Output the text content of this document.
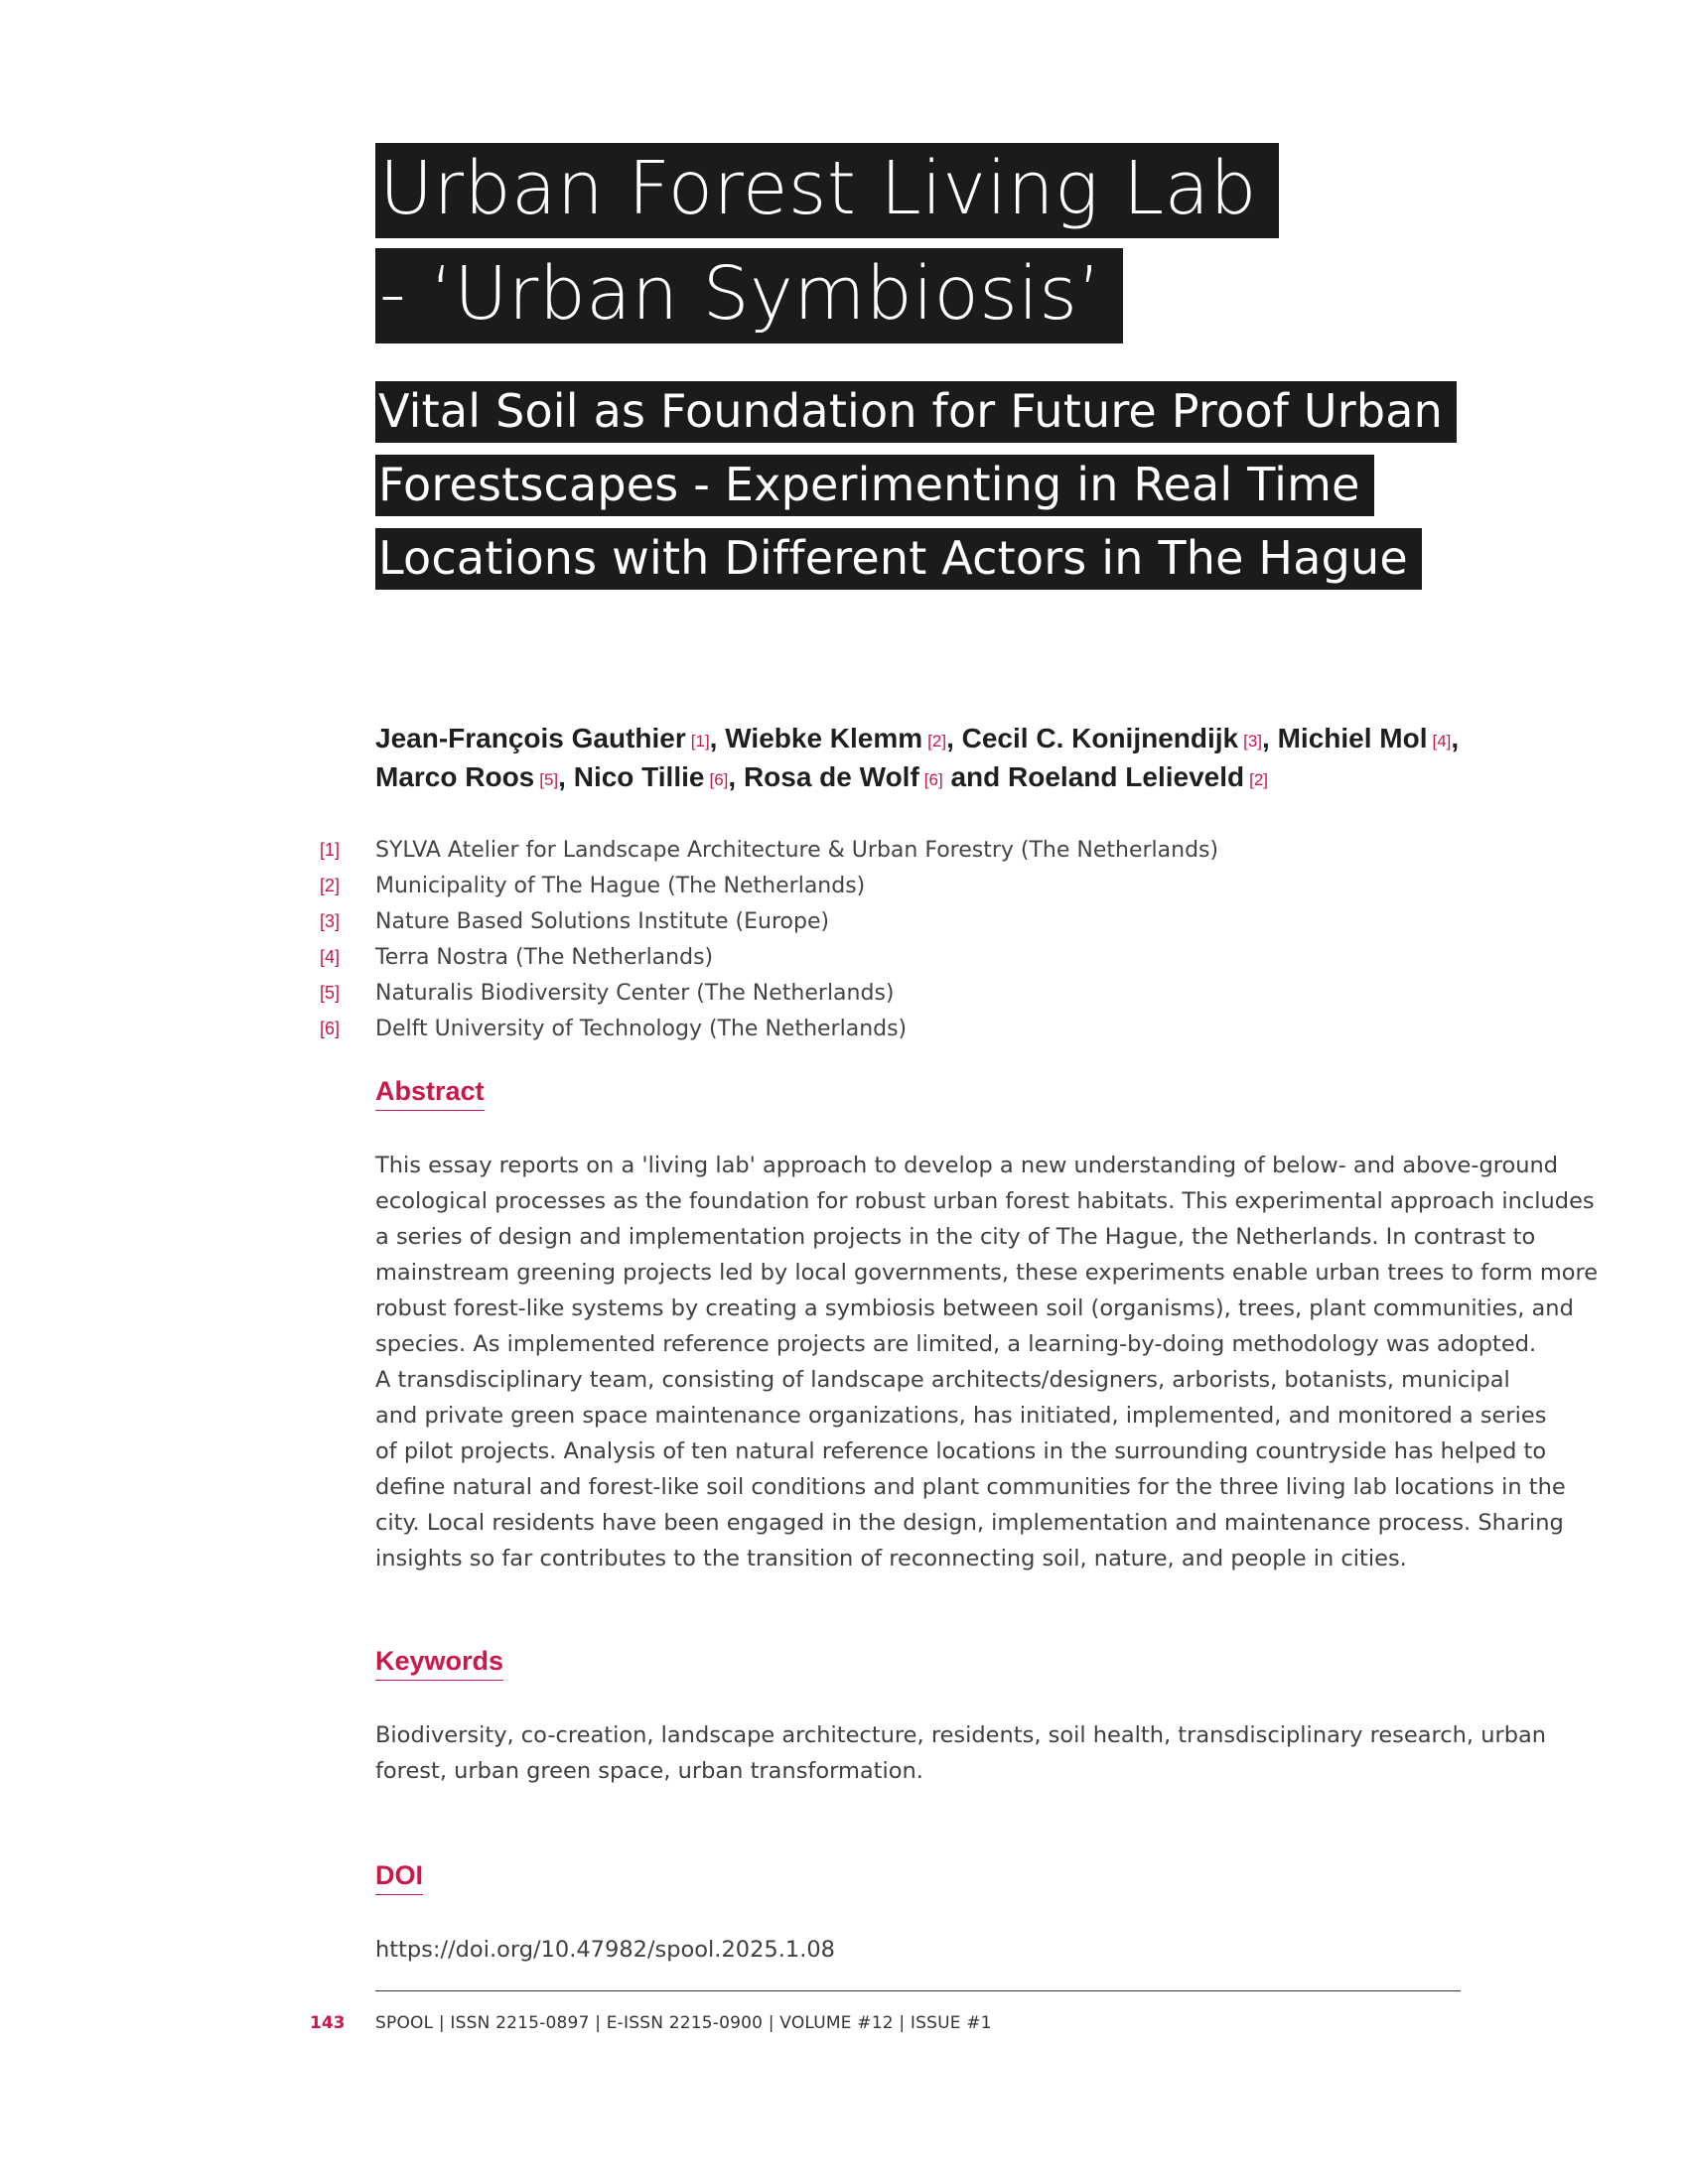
Urban Forest Living Lab
- ‘Urban Symbiosis’
Vital Soil as Foundation for Future Proof Urban
Forestscapes - Experimenting in Real Time
Locations with Different Actors in The Hague
Jean-François Gauthier [1], Wiebke Klemm [2], Cecil C. Konijnendijk [3], Michiel Mol [4],
Marco Roos [5], Nico Tillie [6], Rosa de Wolf [6] and Roeland Lelieveld [2]
[1]	SYLVA Atelier for Landscape Architecture & Urban Forestry (The Netherlands)
[2]	Municipality of The Hague (The Netherlands)
[3]	Nature Based Solutions Institute (Europe)
[4]	Terra Nostra (The Netherlands)
[5]	Naturalis Biodiversity Center (The Netherlands)
[6]	Delft University of Technology (The Netherlands)
Abstract
This essay reports on a 'living lab' approach to develop a new understanding of below- and above-ground
ecological processes as the foundation for robust urban forest habitats. This experimental approach includes
a series of design and implementation projects in the city of The Hague, the Netherlands. In contrast to
mainstream greening projects led by local governments, these experiments enable urban trees to form more
robust forest-like systems by creating a symbiosis between soil (organisms), trees, plant communities, and
species. As implemented reference projects are limited, a learning-by-doing methodology was adopted.
A transdisciplinary team, consisting of landscape architects/designers, arborists, botanists, municipal
and private green space maintenance organizations, has initiated, implemented, and monitored a series
of pilot projects. Analysis of ten natural reference locations in the surrounding countryside has helped to
define natural and forest-like soil conditions and plant communities for the three living lab locations in the
city. Local residents have been engaged in the design, implementation and maintenance process. Sharing
insights so far contributes to the transition of reconnecting soil, nature, and people in cities.
Keywords
Biodiversity, co-creation, landscape architecture, residents, soil health, transdisciplinary research, urban
forest, urban green space, urban transformation.
DOI
https://doi.org/10.47982/spool.2025.1.08
143 SPOOL | ISSN 2215-0897 | E-ISSN 2215-0900 | VOLUME #12 | ISSUE #1
